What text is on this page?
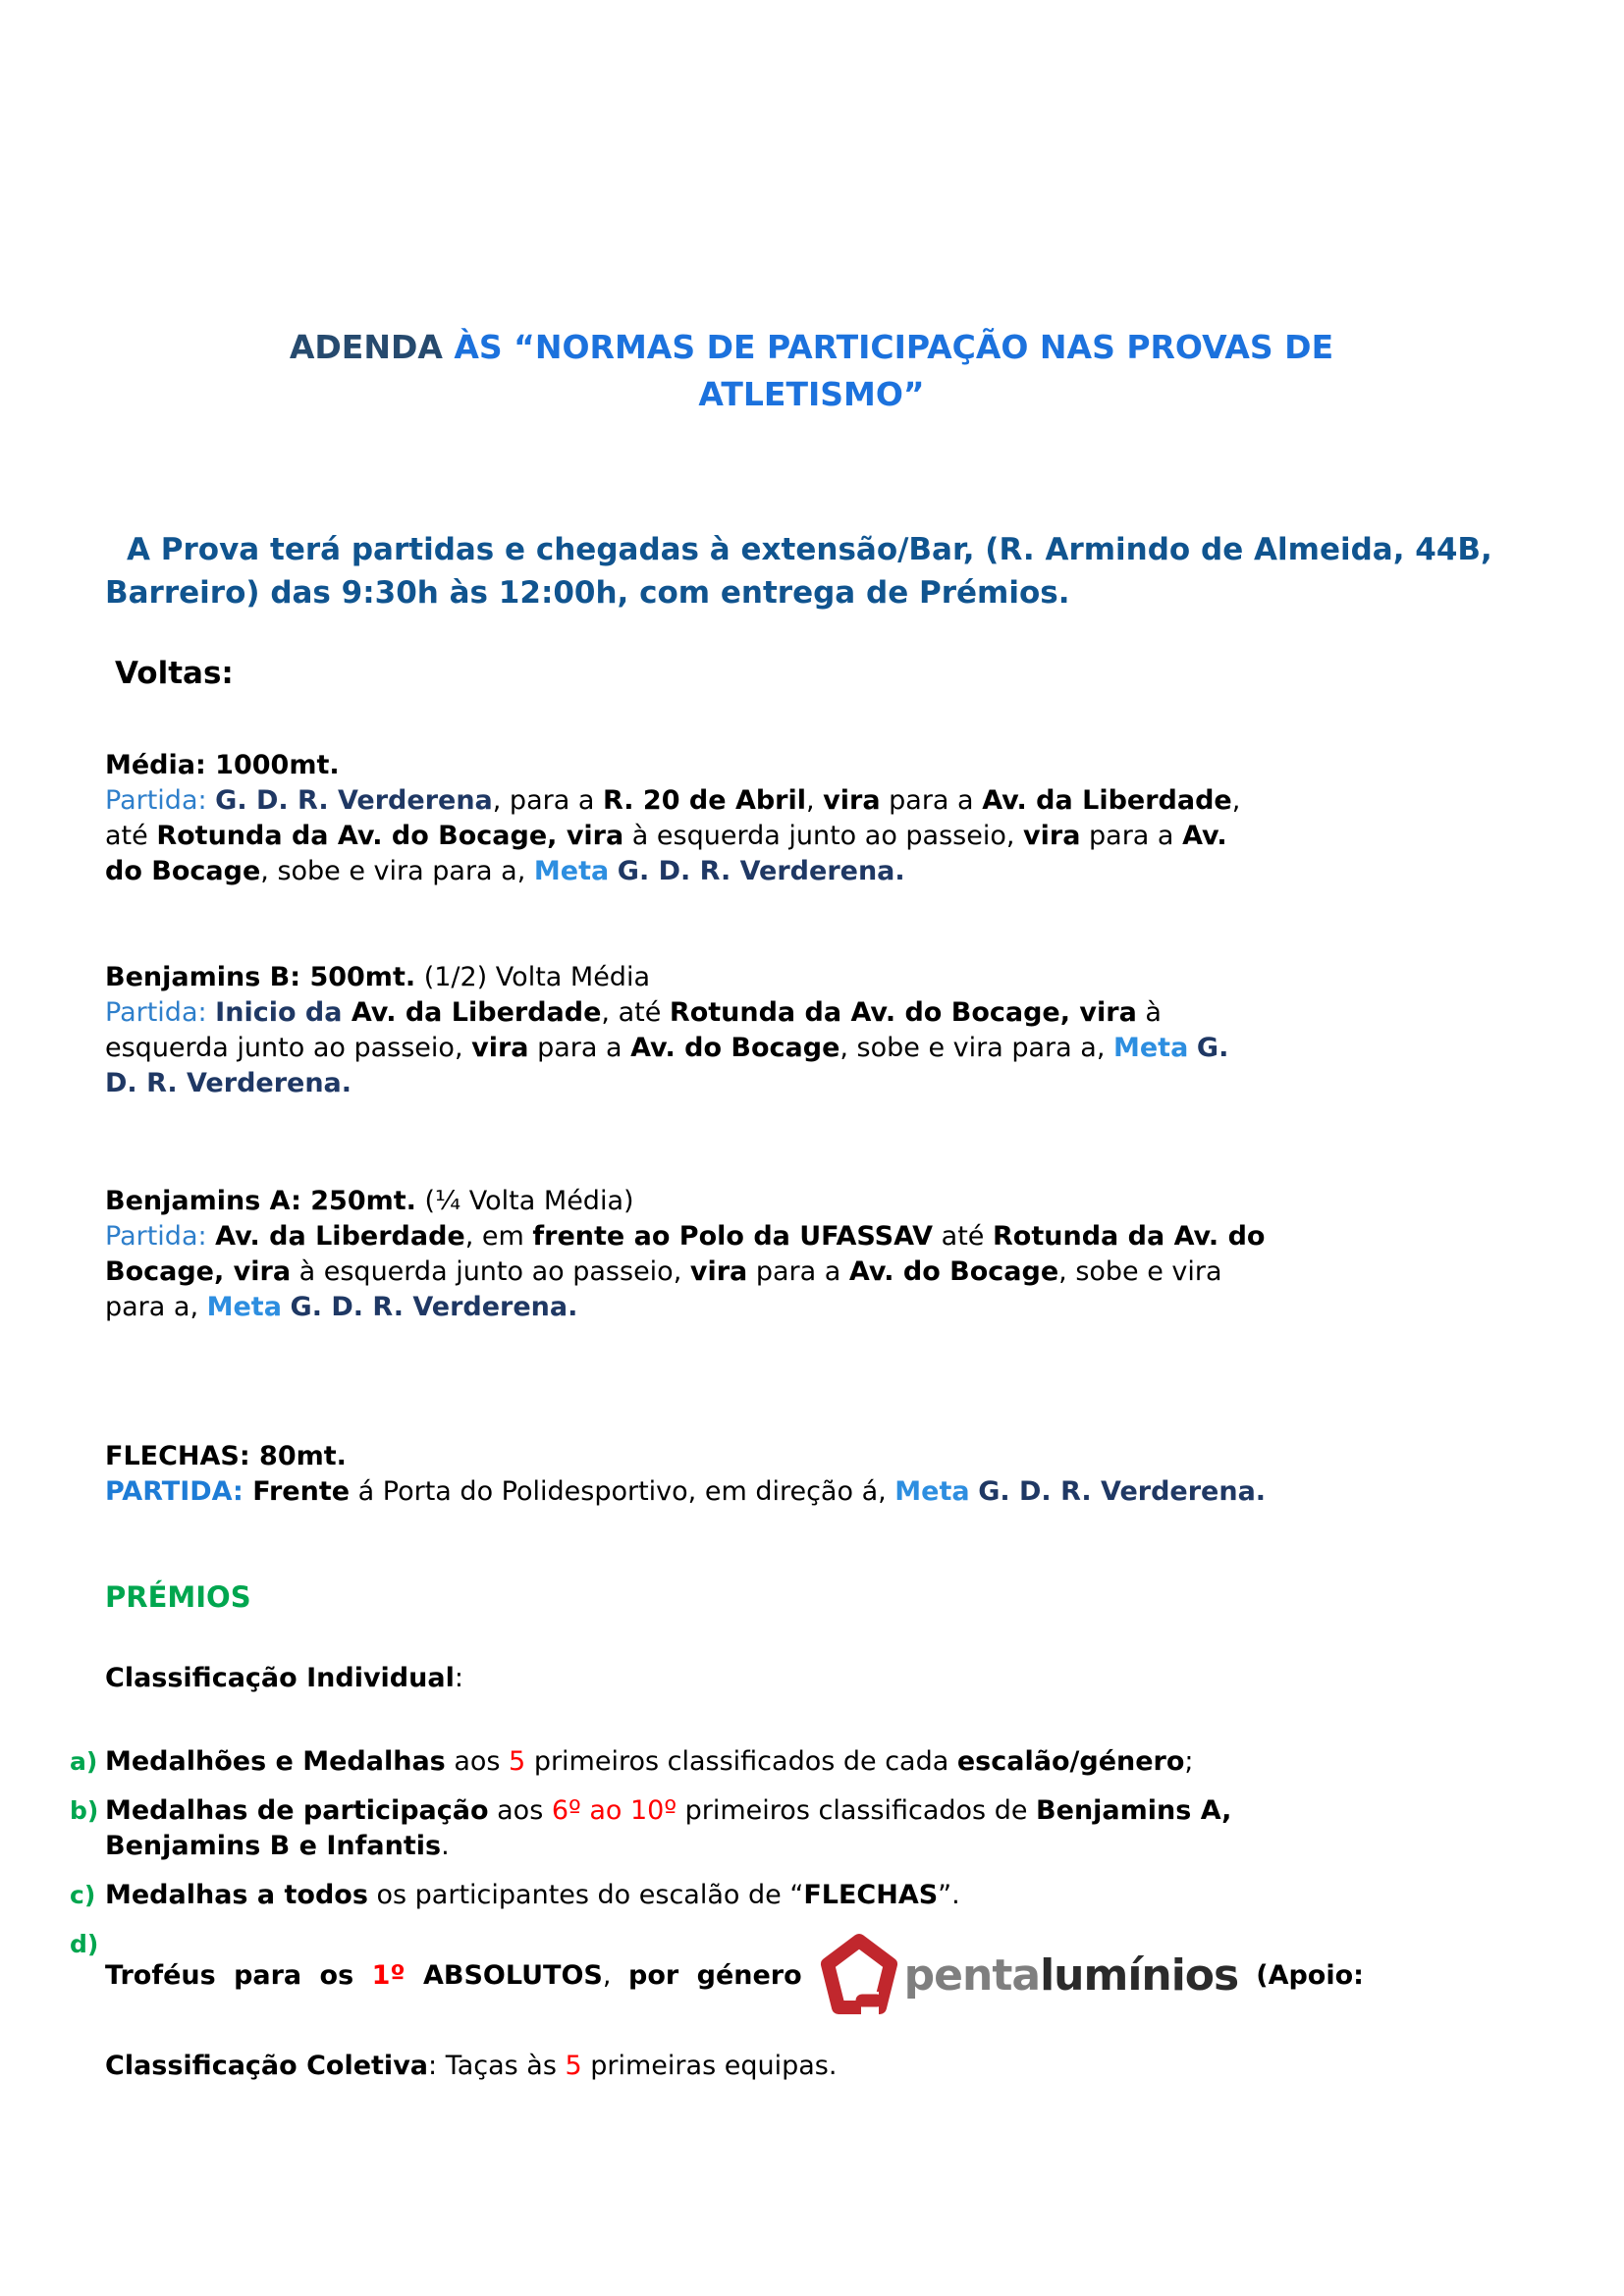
ADENDA ÀS “NORMAS DE PARTICIPAÇÃO NAS PROVAS DE ATLETISMO”
A Prova terá partidas e chegadas à extensão/Bar, (R. Armindo de Almeida, 44B, Barreiro) das 9:30h às 12:00h, com entrega de Prémios.
Voltas:
Média: 1000mt.
Partida: G. D. R. Verderena, para a R. 20 de Abril, vira para a Av. da Liberdade,
até Rotunda da Av. do Bocage, vira à esquerda junto ao passeio, vira para a Av.
do Bocage, sobe e vira para a, Meta G. D. R. Verderena.
Benjamins B: 500mt. (1/2) Volta Média
Partida: Inicio da Av. da Liberdade, até Rotunda da Av. do Bocage, vira à
esquerda junto ao passeio, vira para a Av. do Bocage, sobe e vira para a, Meta G.
D. R. Verderena.
Benjamins A: 250mt. (¼ Volta Média)
Partida: Av. da Liberdade, em frente ao Polo da UFASSAV até Rotunda da Av. do
Bocage, vira à esquerda junto ao passeio, vira para a Av. do Bocage, sobe e vira
para a, Meta G. D. R. Verderena.
FLECHAS: 80mt.
PARTIDA: Frente á Porta do Polidesportivo, em direção á, Meta G. D. R. Verderena.
PRÉMIOS
Classificação Individual:
a) Medalhões e Medalhas aos 5 primeiros classificados de cada escalão/género;
b) Medalhas de participação aos 6º ao 10º primeiros classificados de Benjamins A,
Benjamins B e Infantis.
c) Medalhas a todos os participantes do escalão de “FLECHAS”.
d)
Troféus para os 1º ABSOLUTOS, por género penta lumínios (Apoio:
Classificação Coletiva: Taças às 5 primeiras equipas.
